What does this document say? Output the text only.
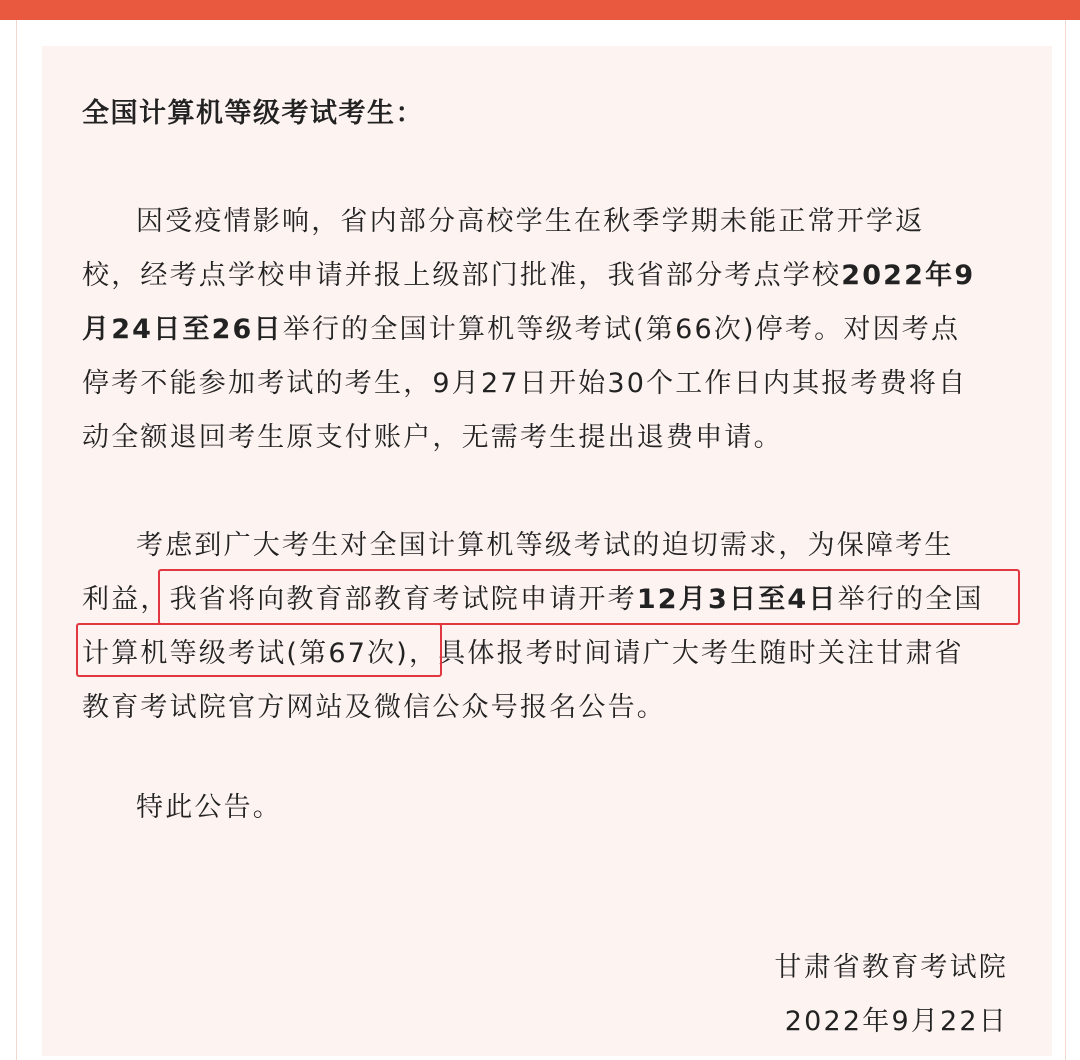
全国计算机等级考试考生：
因受疫情影响，省内部分高校学生在秋季学期未能正常开学返
校，经考点学校申请并报上级部门批准，我省部分考点学校2022年9
月24日至26日举行的全国计算机等级考试(第66次)停考。对因考点
停考不能参加考试的考生，9月27日开始30个工作日内其报考费将自
动全额退回考生原支付账户，无需考生提出退费申请。
考虑到广大考生对全国计算机等级考试的迫切需求，为保障考生
利益，我省将向教育部教育考试院申请开考12月3日至4日举行的全国
计算机等级考试(第67次)，具体报考时间请广大考生随时关注甘肃省
教育考试院官方网站及微信公众号报名公告。
特此公告。
甘肃省教育考试院
2022年9月22日
